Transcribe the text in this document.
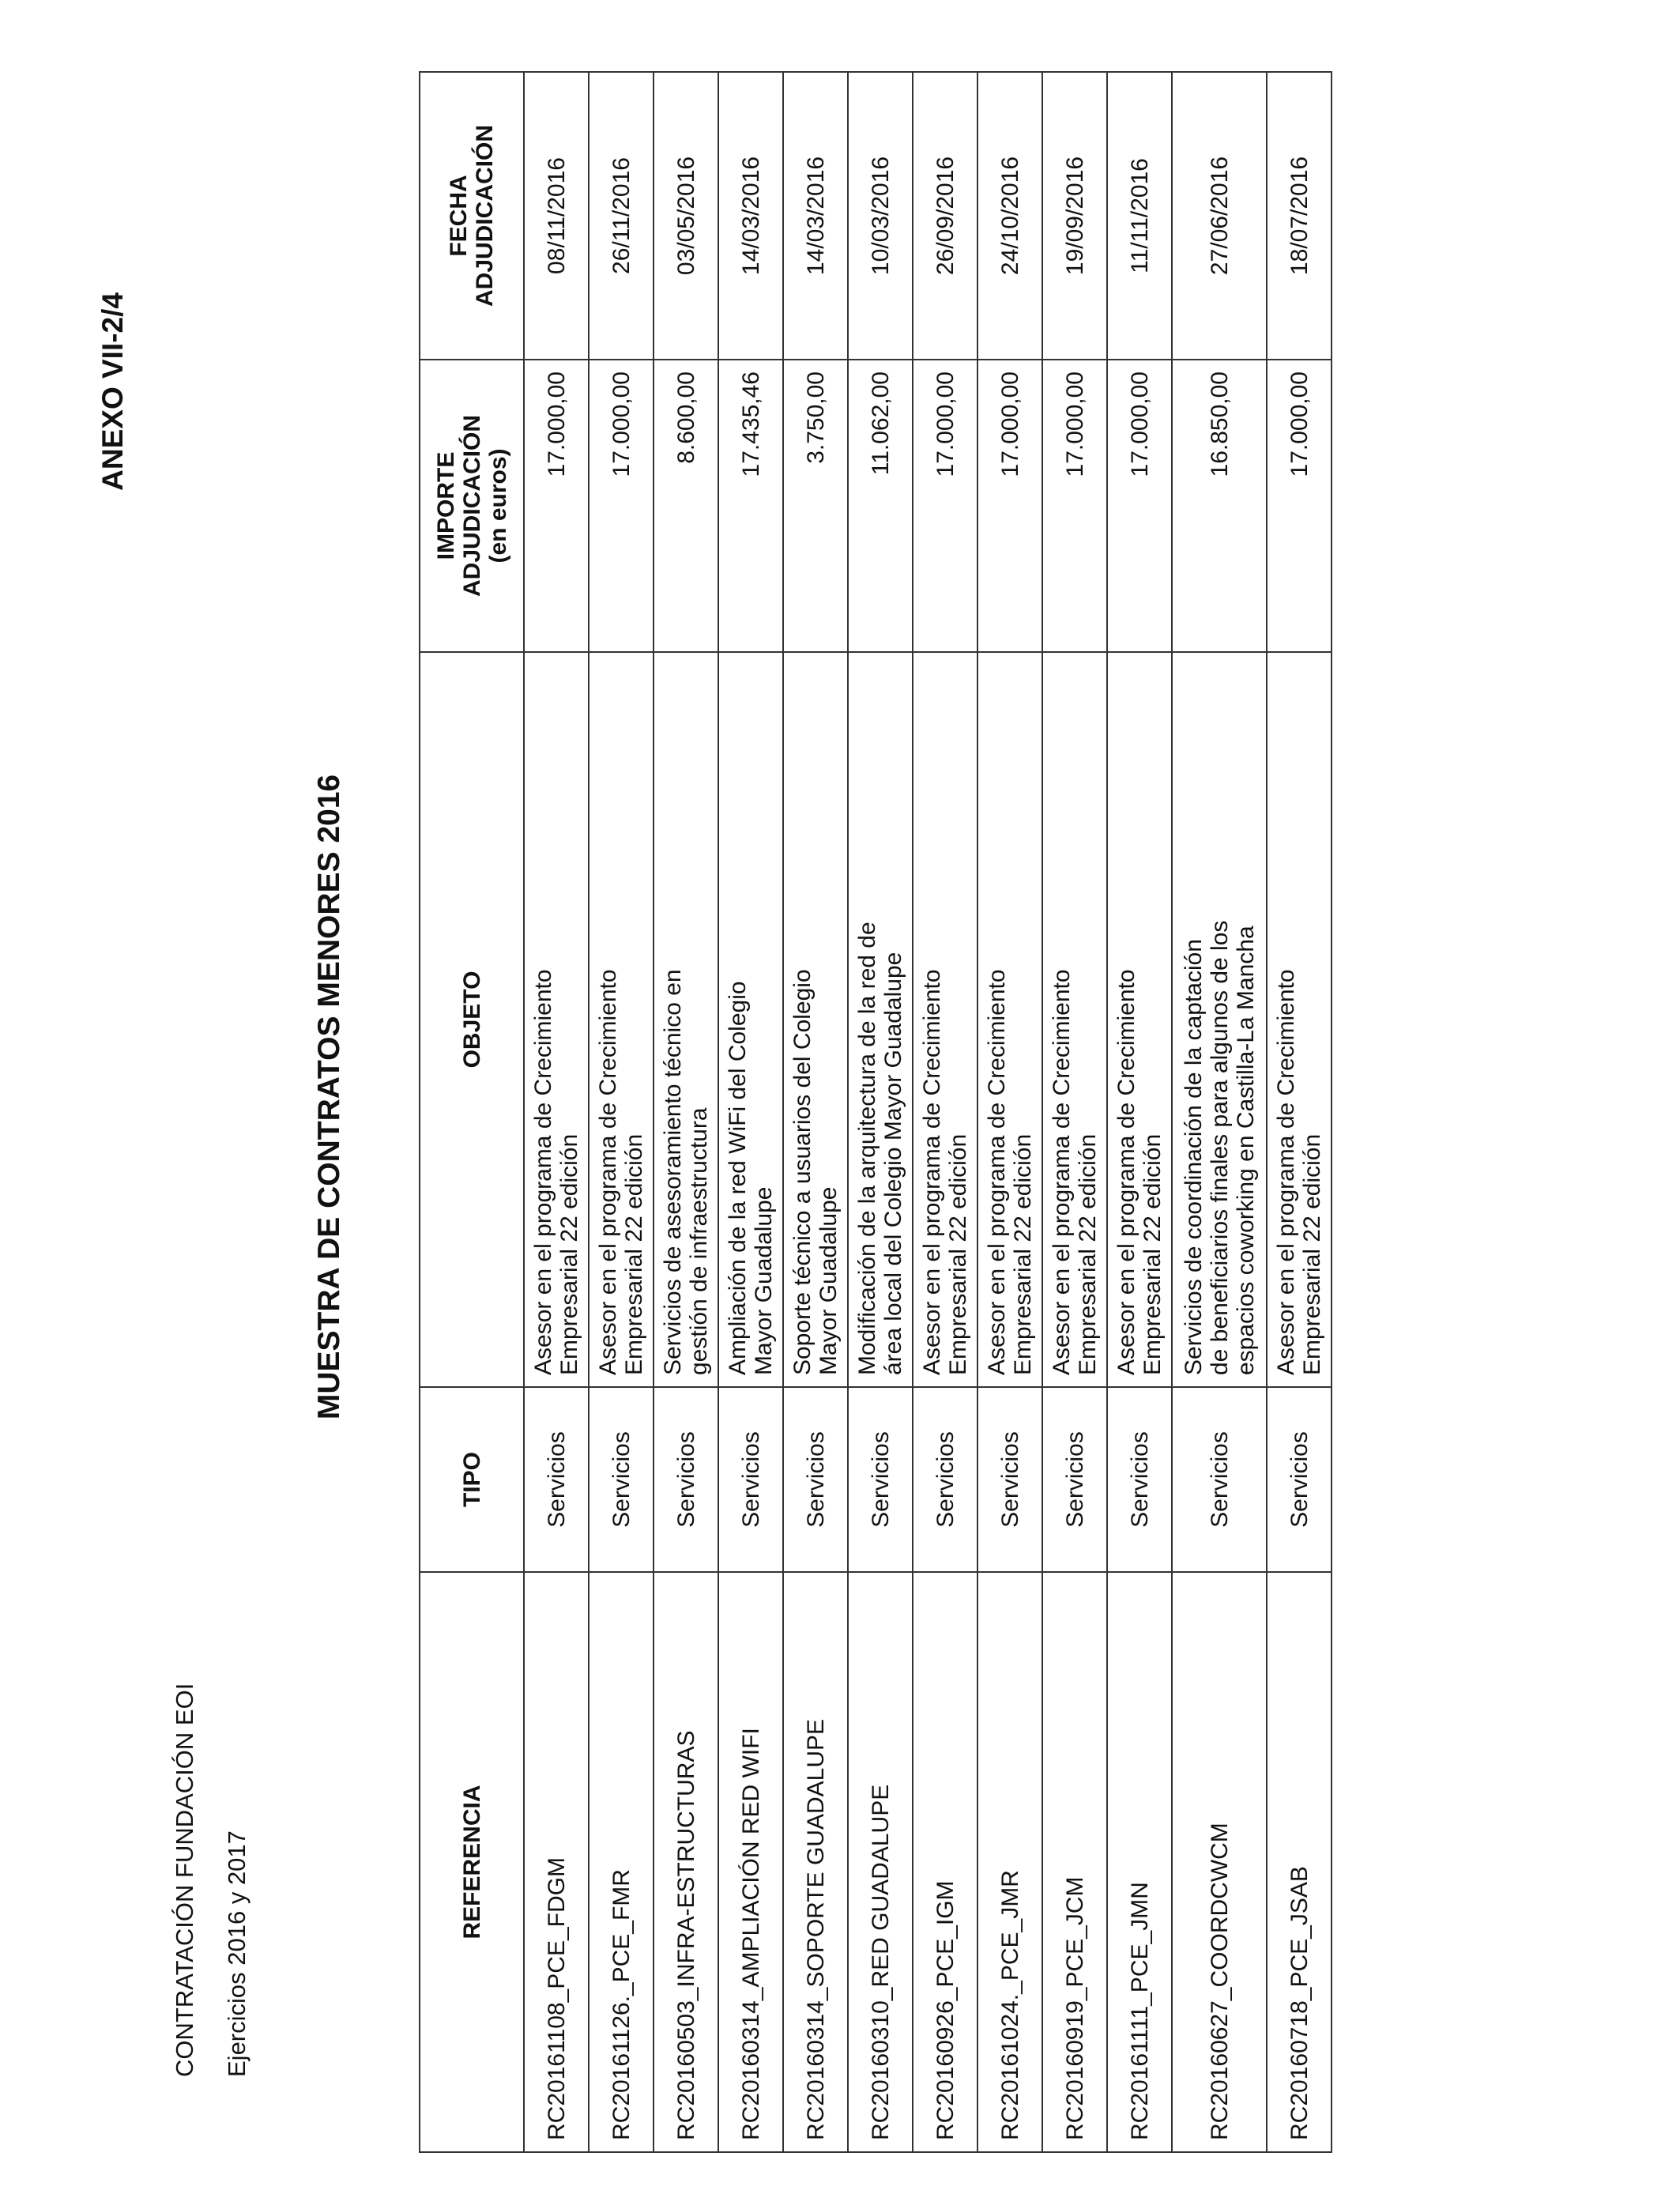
CONTRATACIÓN FUNDACIÓN EOI Ejercicios 2016 y 2017
ANEXO VII-2/4
MUESTRA DE CONTRATOS MENORES 2016
REFERENCIA	TIPO	OBJETO	IMPORTE ADJUDICACIÓN (en euros)	FECHA ADJUDICACIÓN

RC20161108_PCE_FDGM	Servicios	Asesor en el programa de Crecimiento Empresarial 22 edición	17.000,00	08/11/2016
RC20161126._PCE_FMR	Servicios	Asesor en el programa de Crecimiento Empresarial 22 edición	17.000,00	26/11/2016
RC20160503_INFRA-ESTRUCTURAS	Servicios	Servicios de asesoramiento técnico en gestión de infraestructura	8.600,00	03/05/2016
RC20160314_AMPLIACIÓN RED WIFI	Servicios	Ampliación de la red WiFi del Colegio Mayor Guadalupe	17.435,46	14/03/2016
RC20160314_SOPORTE GUADALUPE	Servicios	Soporte técnico a usuarios del Colegio Mayor Guadalupe	3.750,00	14/03/2016
RC20160310_RED GUADALUPE	Servicios	Modificación de la arquitectura de la red de área local del Colegio Mayor Guadalupe	11.062,00	10/03/2016
RC20160926_PCE_IGM	Servicios	Asesor en el programa de Crecimiento Empresarial 22 edición	17.000,00	26/09/2016
RC20161024._PCE_JMR	Servicios	Asesor en el programa de Crecimiento Empresarial 22 edición	17.000,00	24/10/2016
RC20160919_PCE_JCM	Servicios	Asesor en el programa de Crecimiento Empresarial 22 edición	17.000,00	19/09/2016
RC20161111_PCE_JMN	Servicios	Asesor en el programa de Crecimiento Empresarial 22 edición	17.000,00	11/11/2016
RC20160627_COORDCWCM	Servicios	Servicios de coordinación de la captación de beneficiarios finales para algunos de los espacios coworking en Castilla-La Mancha	16.850,00	27/06/2016
RC20160718_PCE_JSAB	Servicios	Asesor en el programa de Crecimiento Empresarial 22 edición	17.000,00	18/07/2016
